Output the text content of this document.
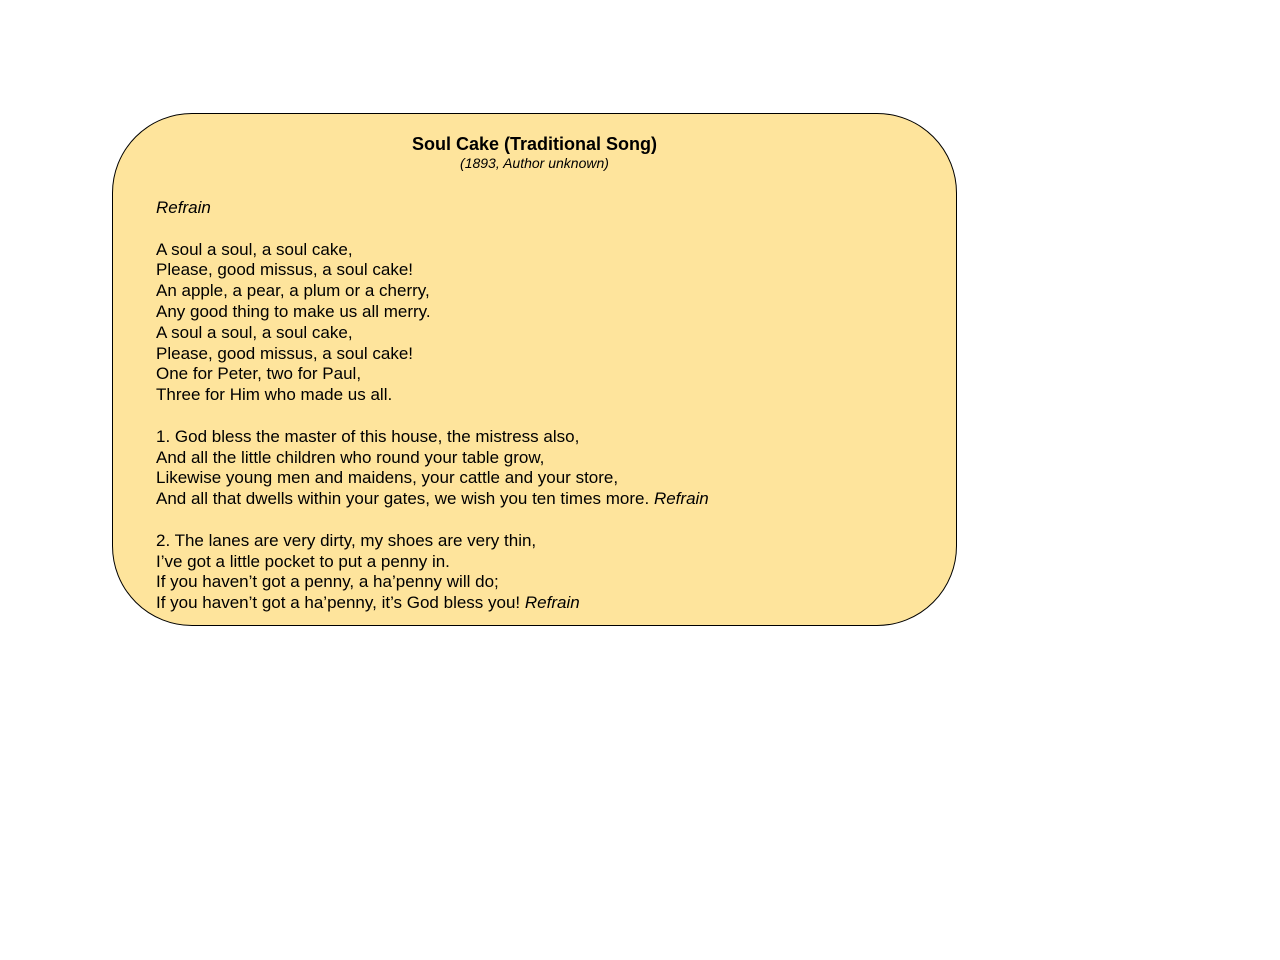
Soul Cake (Traditional Song)
(1893, Author unknown)
Refrain
A soul a soul, a soul cake,
Please, good missus, a soul cake!
An apple, a pear, a plum or a cherry,
Any good thing to make us all merry.
A soul a soul, a soul cake,
Please, good missus, a soul cake!
One for Peter, two for Paul,
Three for Him who made us all.
1. God bless the master of this house, the mistress also,
And all the little children who round your table grow,
Likewise young men and maidens, your cattle and your store,
And all that dwells within your gates, we wish you ten times more. Refrain
2. The lanes are very dirty, my shoes are very thin,
I’ve got a little pocket to put a penny in.
If you haven’t got a penny, a ha’penny will do;
If you haven’t got a ha’penny, it’s God bless you! Refrain
